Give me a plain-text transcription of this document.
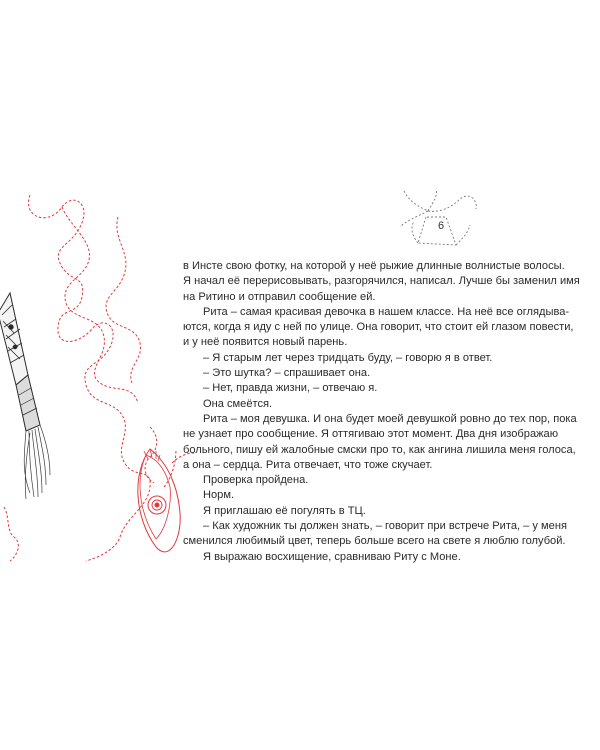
6
в Инсте свою фотку, на которой у неё рыжие длинные волнистые волосы.
Я начал её перерисовывать, разгорячился, написал. Лучше бы заменил имя
на Ритино и отправил сообщение ей.
Рита – самая красивая девочка в нашем классе. На неё все оглядыва-
ются, когда я иду с ней по улице. Она говорит, что стоит ей глазом повести,
и у неё появится новый парень.
– Я старым лет через тридцать буду, – говорю я в ответ.
– Это шутка? – спрашивает она.
– Нет, правда жизни, – отвечаю я.
Она смеётся.
Рита – моя девушка. И она будет моей девушкой ровно до тех пор, пока
не узнает про сообщение. Я оттягиваю этот момент. Два дня изображаю
больного, пишу ей жалобные смски про то, как ангина лишила меня голоса,
а она – сердца. Рита отвечает, что тоже скучает.
Проверка пройдена.
Норм.
Я приглашаю её погулять в ТЦ.
– Как художник ты должен знать, – говорит при встрече Рита, – у меня
сменился любимый цвет, теперь больше всего на свете я люблю голубой.
Я выражаю восхищение, сравниваю Риту с Моне.
